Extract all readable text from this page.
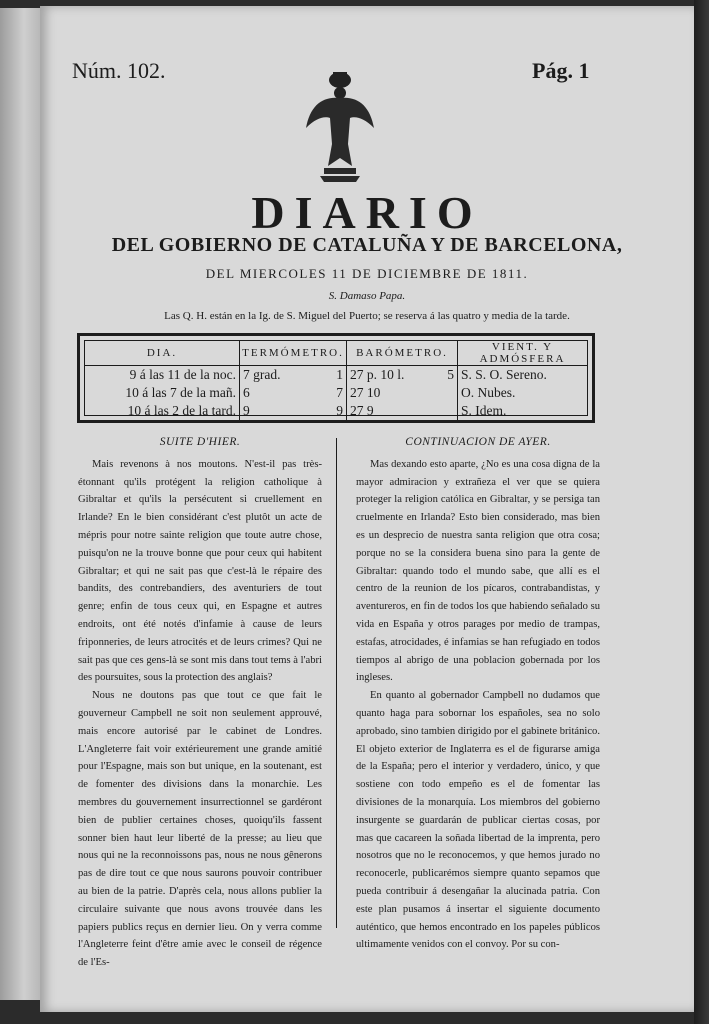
Núm. 102.	Pág. 1
DIARIO
DEL GOBIERNO DE CATALUÑA Y DE BARCELONA,
DEL MIERCOLES 11 DE DICIEMBRE DE 1811.
S. Damaso Papa.
Las Q. H. están en la Ig. de S. Miguel del Puerto; se reserva á las quatro y media de la tarde.
DIA.	TERMÓMETRO.	BARÓMETRO.	VIENT. Y ADMÓSFERA
9 á las 11 de la noc.	7 grad. 1	27 p. 10 l. 5	S. S. O. Sereno.
10 á las 7 de la mañ.	6 7	27 10	O. Nubes.
10 á las 2 de la tard.	9 9	27 9	S. Idem.
SUITE D'HIER.

Mais revenons à nos moutons. N'est-il pas très-étonnant qu'ils protégent la religion catholique à Gibraltar et qu'ils la persécutent si cruellement en Irlande? En le bien considérant c'est plutôt un acte de mépris pour notre sainte religion que toute autre chose, puisqu'on ne la trouve bonne que pour ceux qui habitent Gibraltar; et qui ne sait pas que c'est-là le répaire des bandits, des contrebandiers, des aventuriers de tout genre; enfin de tous ceux qui, en Espagne et autres endroits, ont été notés d'infamie à cause de leurs friponneries, de leurs atrocités et de leurs crimes? Qui ne sait pas que ces gens-là se sont mis dans tout tems à l'abri des poursuites, sous la protection des anglais?

Nous ne doutons pas que tout ce que fait le gouverneur Campbell ne soit non seulement approuvé, mais encore autorisé par le cabinet de Londres. L'Angleterre fait voir extérieurement une grande amitié pour l'Espagne, mais son but unique, en la soutenant, est de fomenter des divisions dans la monarchie. Les membres du gouvernement insurrectionnel se gardéront bien de publier certaines choses, quoiqu'ils fassent sonner bien haut leur liberté de la presse; au lieu que nous qui ne la reconnoissons pas, nous ne nous gênerons pas de dire tout ce que nous saurons pouvoir contribuer au bien de la patrie. D'après cela, nous allons publier la circulaire suivante que nous avons trouvée dans les papiers publics reçus en dernier lieu. On y verra comme l'Angleterre feint d'être amie avec le conseil de régence de l'Es-

CONTINUACION DE AYER.

Mas dexando esto aparte, ¿No es una cosa digna de la mayor admiracion y extrañeza el ver que se quiera proteger la religion católica en Gibraltar, y se persiga tan cruelmente en Irlanda? Esto bien considerado, mas bien es un desprecio de nuestra santa religion que otra cosa; porque no se la considera buena sino para la gente de Gibraltar: quando todo el mundo sabe, que allí es el centro de la reunion de los pícaros, contrabandistas, y aventureros, en fin de todos los que habiendo señalado su vida en España y otros parages por medio de trampas, estafas, atrocidades, é infamias se han refugiado en todos tiempos al abrigo de una poblacion gobernada por los ingleses.

En quanto al gobernador Campbell no dudamos que quanto haga para sobornar los españoles, sea no solo aprobado, sino tambien dirigido por el gabinete británico. El objeto exterior de Inglaterra es el de figurarse amiga de la España; pero el interior y verdadero, único, y que sostiene con todo empeño es el de fomentar las divisiones de la monarquía. Los miembros del gobierno insurgente se guardarán de publicar ciertas cosas, por mas que cacareen la soñada libertad de la imprenta, pero nosotros que no le reconocemos, y que hemos jurado no reconocerle, publicarémos siempre quanto sepamos que pueda contribuir á desengañar la alucinada patria. Con este plan pusamos á insertar el siguiente documento auténtico, que hemos encontrado en los papeles públicos ultimamente venidos con el convoy. Por su con-
